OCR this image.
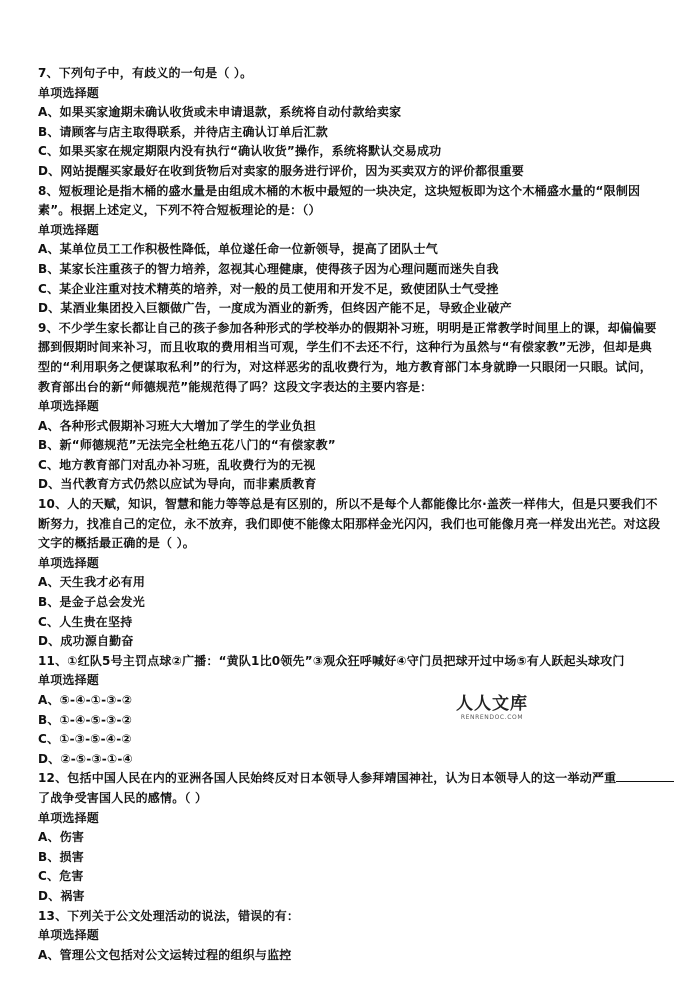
7、下列句子中，有歧义的一句是（ ）。
单项选择题
A、如果买家逾期未确认收货或未申请退款，系统将自动付款给卖家
B、请顾客与店主取得联系，并待店主确认订单后汇款
C、如果买家在规定期限内没有执行“确认收货”操作，系统将默认交易成功
D、网站提醒买家最好在收到货物后对卖家的服务进行评价，因为买卖双方的评价都很重要
8、短板理论是指木桶的盛水量是由组成木桶的木板中最短的一块决定，这块短板即为这个木桶盛水量的“限制因
素”。根据上述定义，下列不符合短板理论的是：（）
单项选择题
A、某单位员工工作积极性降低，单位遂任命一位新领导，提高了团队士气
B、某家长注重孩子的智力培养，忽视其心理健康，使得孩子因为心理问题而迷失自我
C、某企业注重对技术精英的培养，对一般的员工使用和开发不足，致使团队士气受挫
D、某酒业集团投入巨额做广告，一度成为酒业的新秀，但终因产能不足，导致企业破产
9、不少学生家长都让自己的孩子参加各种形式的学校举办的假期补习班，明明是正常教学时间里上的课，却偏偏要
挪到假期时间来补习，而且收取的费用相当可观，学生们不去还不行，这种行为虽然与“有偿家教”无涉，但却是典
型的“利用职务之便谋取私利”的行为，对这样恶劣的乱收费行为，地方教育部门本身就睁一只眼闭一只眼。试问，
教育部出台的新“师德规范”能规范得了吗？这段文字表达的主要内容是：
单项选择题
A、各种形式假期补习班大大增加了学生的学业负担
B、新“师德规范”无法完全杜绝五花八门的“有偿家教”
C、地方教育部门对乱办补习班，乱收费行为的无视
D、当代教育方式仍然以应试为导向，而非素质教育
10、人的天赋，知识，智慧和能力等等总是有区别的，所以不是每个人都能像比尔·盖茨一样伟大，但是只要我们不
断努力，找准自己的定位，永不放弃，我们即使不能像太阳那样金光闪闪，我们也可能像月亮一样发出光芒。对这段
文字的概括最正确的是（ ）。
单项选择题
A、天生我才必有用
B、是金子总会发光
C、人生贵在坚持
D、成功源自勤奋
11、①红队5号主罚点球②广播：“黄队1比0领先”③观众狂呼喊好④守门员把球开过中场⑤有人跃起头球攻门
单项选择题
A、⑤-④-①-③-②
B、①-④-⑤-③-②
C、①-③-⑤-④-②
D、②-⑤-③-①-④
12、包括中国人民在内的亚洲各国人民始终反对日本领导人参拜靖国神社，认为日本领导人的这一举动严重
了战争受害国人民的感情。（ ）
单项选择题
A、伤害
B、损害
C、危害
D、祸害
13、下列关于公文处理活动的说法，错误的有：
单项选择题
A、管理公文包括对公文运转过程的组织与监控
人人文库
RENRENDOC.COM
